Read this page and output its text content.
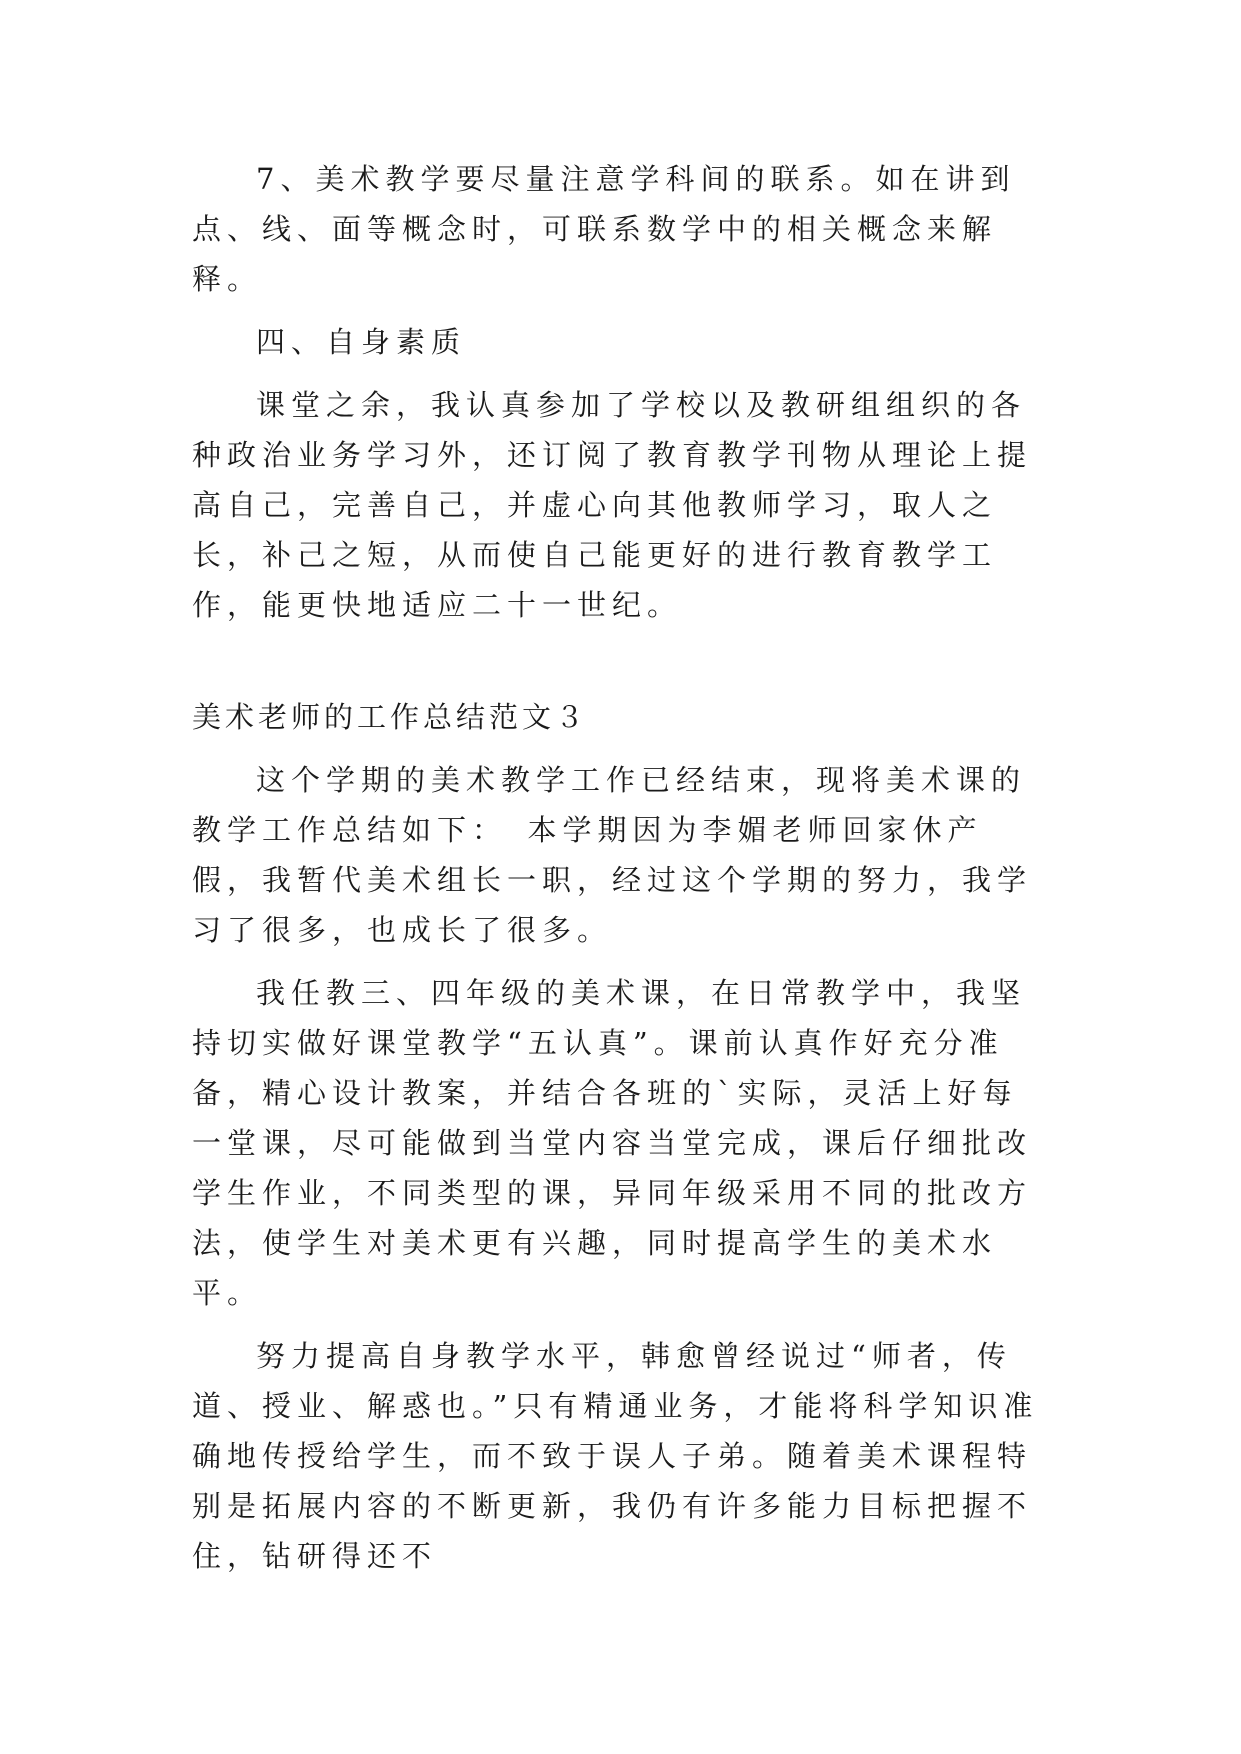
7、美术教学要尽量注意学科间的联系。如在讲到点、线、面等概念时，可联系数学中的相关概念来解释。

四、自身素质

课堂之余，我认真参加了学校以及教研组组织的各种政治业务学习外，还订阅了教育教学刊物从理论上提高自己，完善自己，并虚心向其他教师学习，取人之长，补己之短，从而使自己能更好的进行教育教学工作，能更快地适应二十一世纪。

美术老师的工作总结范文３

这个学期的美术教学工作已经结束，现将美术课的教学工作总结如下：　本学期因为李媚老师回家休产假，我暂代美术组长一职，经过这个学期的努力，我学习了很多，也成长了很多。

我任教三、四年级的美术课，在日常教学中，我坚持切实做好课堂教学“五认真”。课前认真作好充分准备，精心设计教案，并结合各班的`实际，灵活上好每一堂课，尽可能做到当堂内容当堂完成，课后仔细批改学生作业，不同类型的课，异同年级采用不同的批改方法，使学生对美术更有兴趣，同时提高学生的美术水平。

努力提高自身教学水平，韩愈曾经说过“师者，传道、授业、解惑也。”只有精通业务，才能将科学知识准确地传授给学生，而不致于误人子弟。随着美术课程特别是拓展内容的不断更新，我仍有许多能力目标把握不住，钻研得还不
